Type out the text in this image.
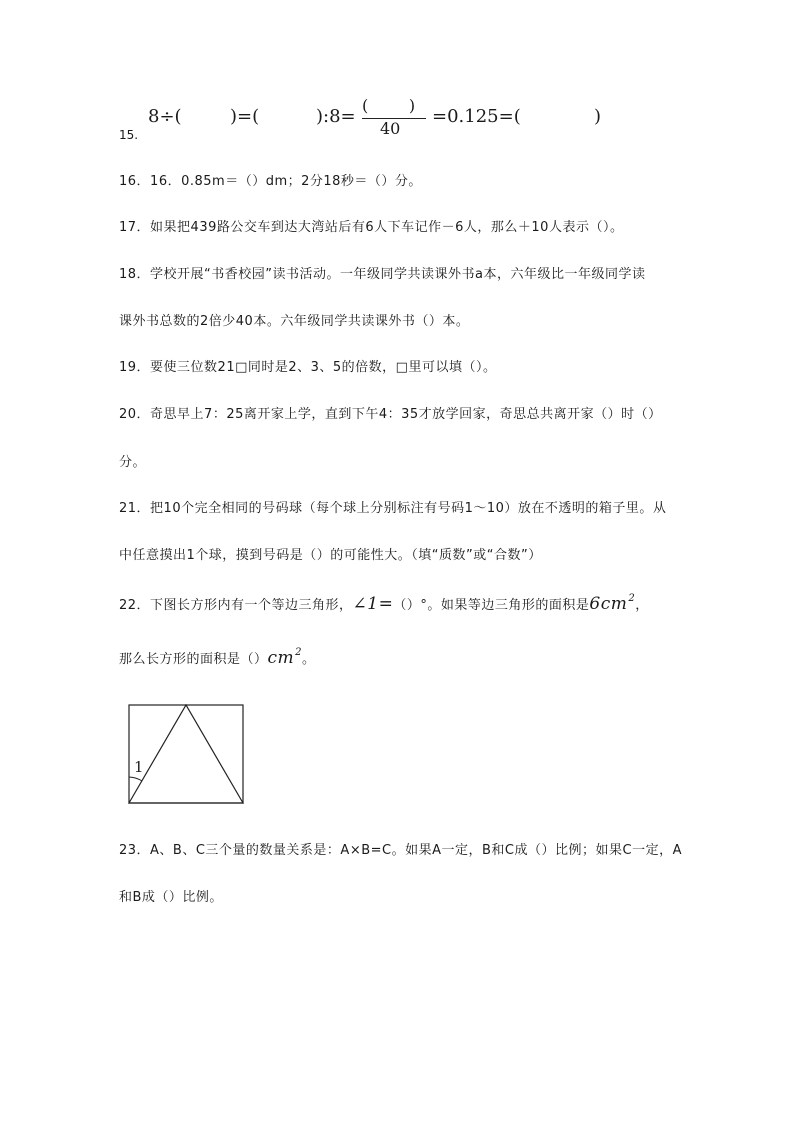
8÷(	)=(	):8=
(        )
40
=0.125=(	)
15.
16．16．0.85m＝（）dm；2分18秒＝（）分。
17．如果把439路公交车到达大湾站后有6人下车记作－6人，那么＋10人表示（）。
18．学校开展“书香校园”读书活动。一年级同学共读课外书a本，六年级比一年级同学读
课外书总数的2倍少40本。六年级同学共读课外书（）本。
19．要使三位数21□同时是2、3、5的倍数，□里可以填（）。
20．奇思早上7：25离开家上学，直到下午4：35才放学回家，奇思总共离开家（）时（）
分。
21．把10个完全相同的号码球（每个球上分别标注有号码1～10）放在不透明的箱子里。从
中任意摸出1个球，摸到号码是（）的可能性大。（填“质数”或“合数”）
22．下图长方形内有一个等边三角形，∠1=（）°。如果等边三角形的面积是$6cm^2$，
那么长方形的面积是$()cm^2$。
1
23．A、B、C三个量的数量关系是：A×B=C。如果A一定，B和C成（）比例；如果C一定，A
和B成（）比例。
